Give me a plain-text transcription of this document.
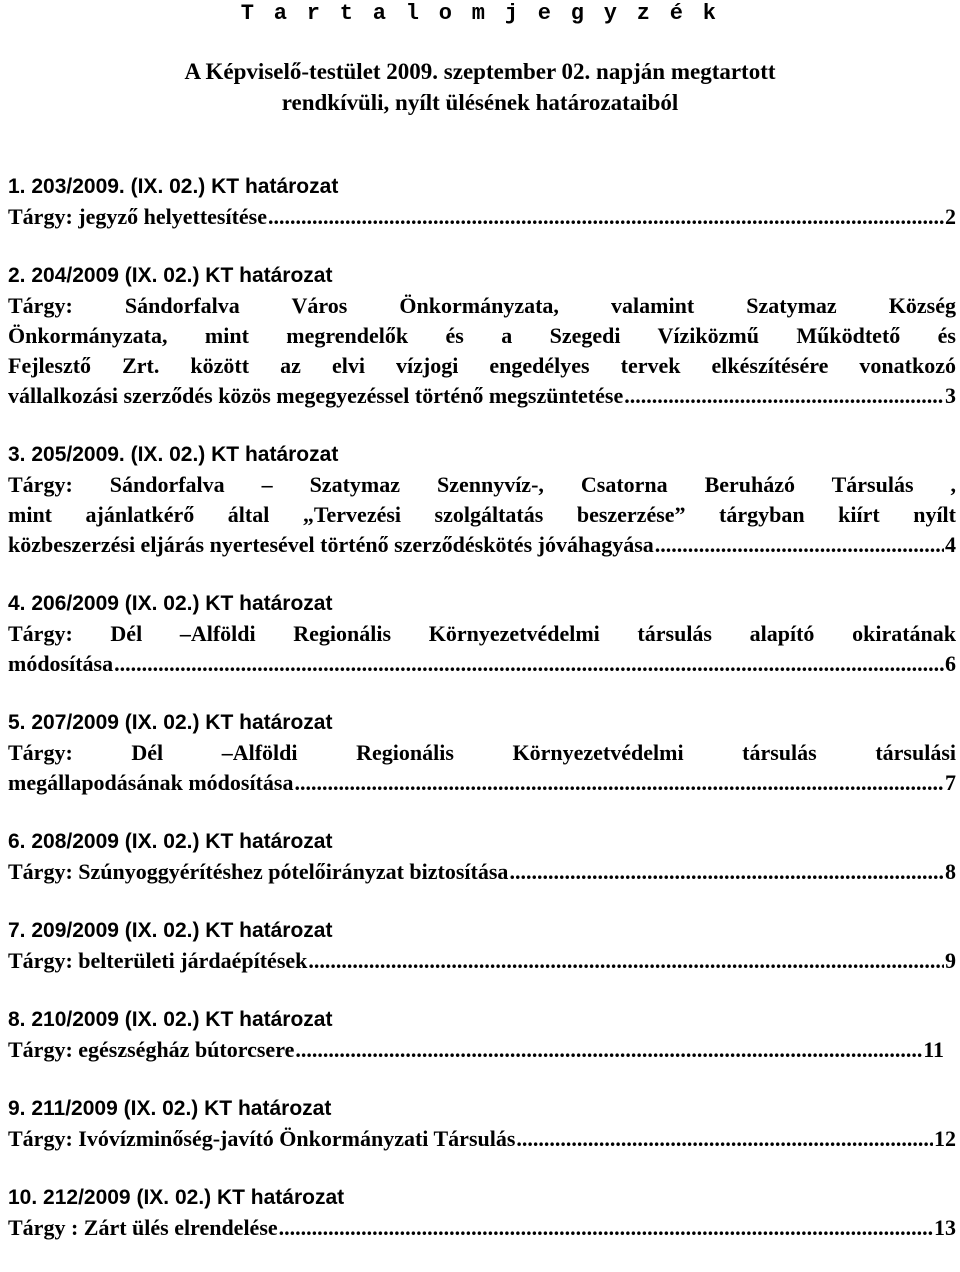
T a r t a l o m j e g y z é k
A Képviselő-testület 2009. szeptember 02. napján megtartott
rendkívüli, nyílt ülésének határozataiból
1. 203/2009. (IX. 02.) KT határozat
Tárgy: jegyző helyettesítése .....	2
2. 204/2009 (IX. 02.) KT határozat
Tárgy: Sándorfalva Város Önkormányzata, valamint Szatymaz Község
Önkormányzata, mint megrendelők és a Szegedi Víziközmű Működtető és
Fejlesztő Zrt. között az elvi vízjogi engedélyes tervek elkészítésére vonatkozó
vállalkozási szerződés közös megegyezéssel történő megszüntetése .....	3
3. 205/2009. (IX. 02.) KT határozat
Tárgy: Sándorfalva – Szatymaz Szennyvíz-, Csatorna Beruházó Társulás ,
mint ajánlatkérő által „Tervezési szolgáltatás beszerzése” tárgyban kiírt nyílt
közbeszerzési eljárás nyertesével történő szerződéskötés jóváhagyása .....	4
4. 206/2009 (IX. 02.) KT határozat
Tárgy: Dél –Alföldi Regionális Környezetvédelmi társulás alapító okiratának
módosítása .....	6
5. 207/2009 (IX. 02.) KT határozat
Tárgy: Dél –Alföldi Regionális Környezetvédelmi társulás társulási
megállapodásának módosítása .....	7
6. 208/2009 (IX. 02.) KT határozat
Tárgy: Szúnyoggyérítéshez pótelőirányzat biztosítása .....	8
7. 209/2009 (IX. 02.) KT határozat
Tárgy: belterületi járdaépítések .....	9
8. 210/2009 (IX. 02.) KT határozat
Tárgy: egészségház bútorcsere .....	11
9. 211/2009 (IX. 02.) KT határozat
Tárgy: Ivóvízminőség-javító Önkormányzati Társulás .....	12
10. 212/2009 (IX. 02.) KT határozat
Tárgy : Zárt ülés elrendelése .....	13
